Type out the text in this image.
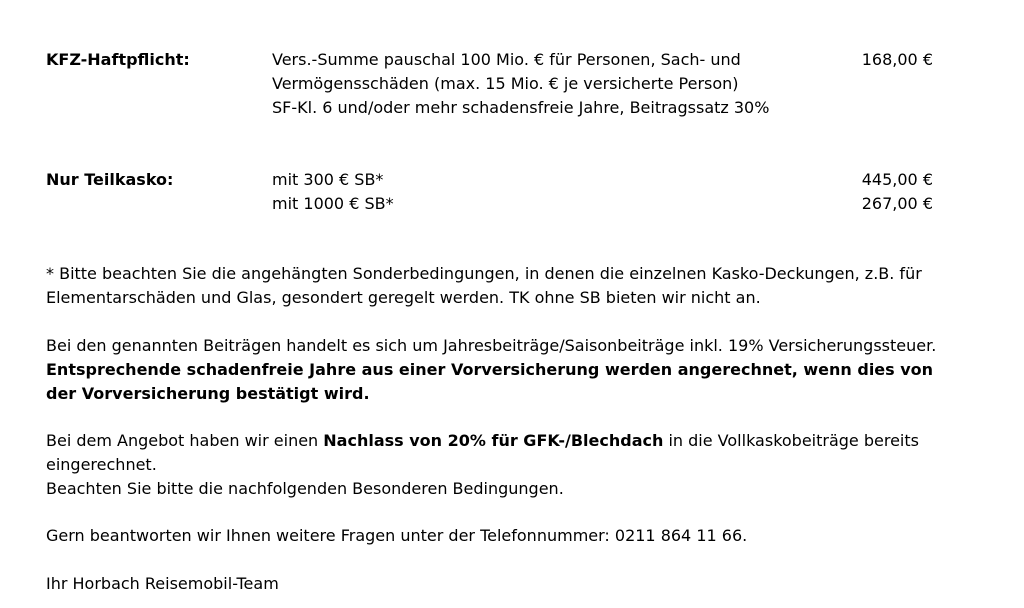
KFZ-Haftpflicht:	Vers.-Summe pauschal 100 Mio. € für Personen, Sach- und
Vermögensschäden (max. 15 Mio. € je versicherte Person)
SF-Kl. 6 und/oder mehr schadensfreie Jahre, Beitragssatz 30%
168,00 €
Nur Teilkasko:	mit 300 € SB*
mit 1000 € SB*
445,00 €
267,00 €
* Bitte beachten Sie die angehängten Sonderbedingungen, in denen die einzelnen Kasko-Deckungen, z.B. für
Elementarschäden und Glas, gesondert geregelt werden. TK ohne SB bieten wir nicht an.
Bei den genannten Beiträgen handelt es sich um Jahresbeiträge/Saisonbeiträge inkl. 19% Versicherungssteuer.
Entsprechende schadenfreie Jahre aus einer Vorversicherung werden angerechnet, wenn dies von
der Vorversicherung bestätigt wird.
Bei dem Angebot haben wir einen Nachlass von 20% für GFK-/Blechdach in die Vollkaskobeiträge bereits
eingerechnet.
Beachten Sie bitte die nachfolgenden Besonderen Bedingungen.
Gern beantworten wir Ihnen weitere Fragen unter der Telefonnummer: 0211 864 11 66.
Ihr Horbach Reisemobil-Team
